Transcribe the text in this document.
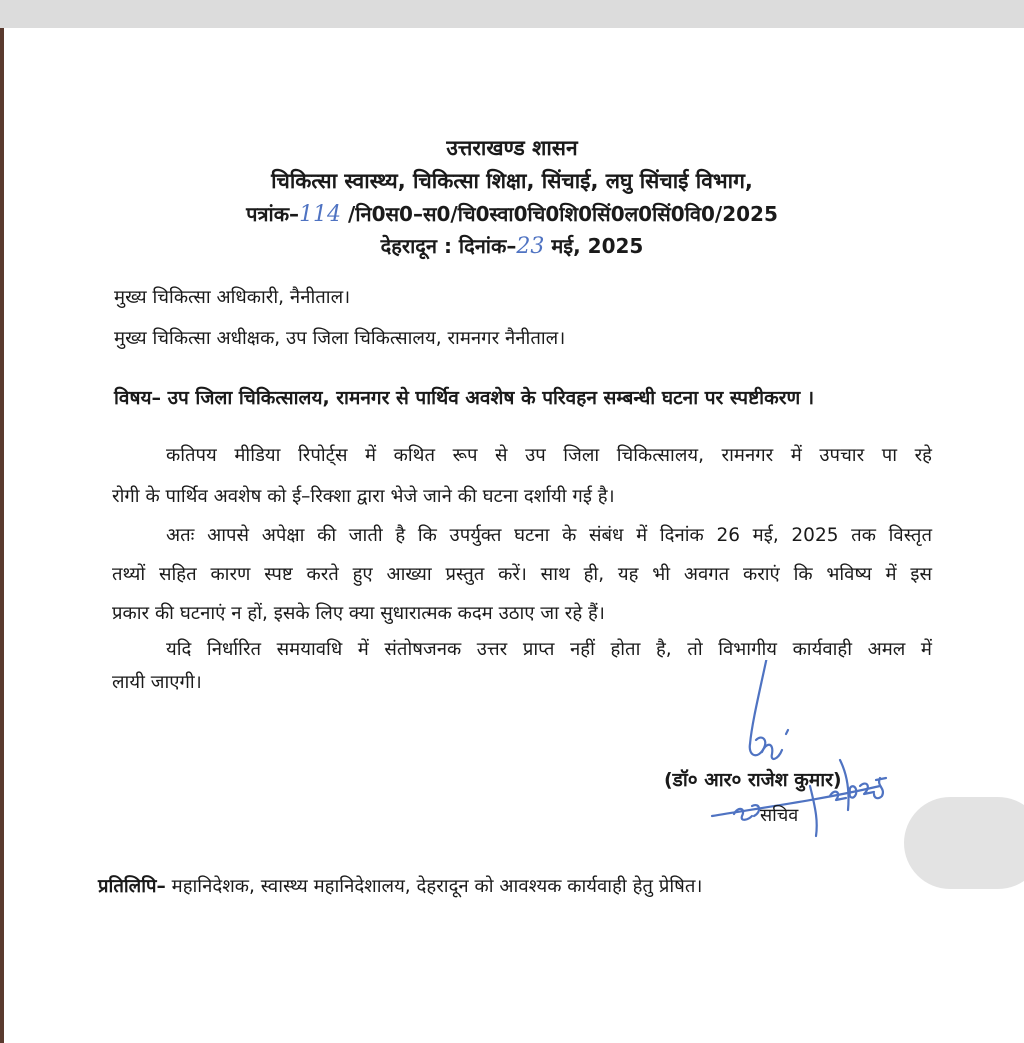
उत्तराखण्ड शासन
चिकित्सा स्वास्थ्य, चिकित्सा शिक्षा, सिंचाई, लघु सिंचाई विभाग,
पत्रांक–114 /नि0स0–स0/चि0स्वा0चि0शि0सिं0ल0सिं0वि0/2025
देहरादून : दिनांक–23 मई, 2025
मुख्य चिकित्सा अधिकारी, नैनीताल।
मुख्य चिकित्सा अधीक्षक, उप जिला चिकित्सालय, रामनगर नैनीताल।
विषय– उप जिला चिकित्सालय, रामनगर से पार्थिव अवशेष के परिवहन सम्बन्धी घटना पर स्पष्टीकरण ।
कतिपय मीडिया रिपोर्ट्स में कथित रूप से उप जिला चिकित्सालय, रामनगर में उपचार पा रहे
रोगी के पार्थिव अवशेष को ई–रिक्शा द्वारा भेजे जाने की घटना दर्शायी गई है।
अतः आपसे अपेक्षा की जाती है कि उपर्युक्त घटना के संबंध में दिनांक 26 मई, 2025 तक विस्तृत
तथ्यों सहित कारण स्पष्ट करते हुए आख्या प्रस्तुत करें। साथ ही, यह भी अवगत कराएं कि भविष्य में इस
प्रकार की घटनाएं न हों, इसके लिए क्या सुधारात्मक कदम उठाए जा रहे हैं।
यदि निर्धारित समयावधि में संतोषजनक उत्तर प्राप्त नहीं होता है, तो विभागीय कार्यवाही अमल में
लायी जाएगी।
(डॉ० आर० राजेश कुमार)
सचिव
प्रतिलिपि– महानिदेशक, स्वास्थ्य महानिदेशालय, देहरादून को आवश्यक कार्यवाही हेतु प्रेषित।
